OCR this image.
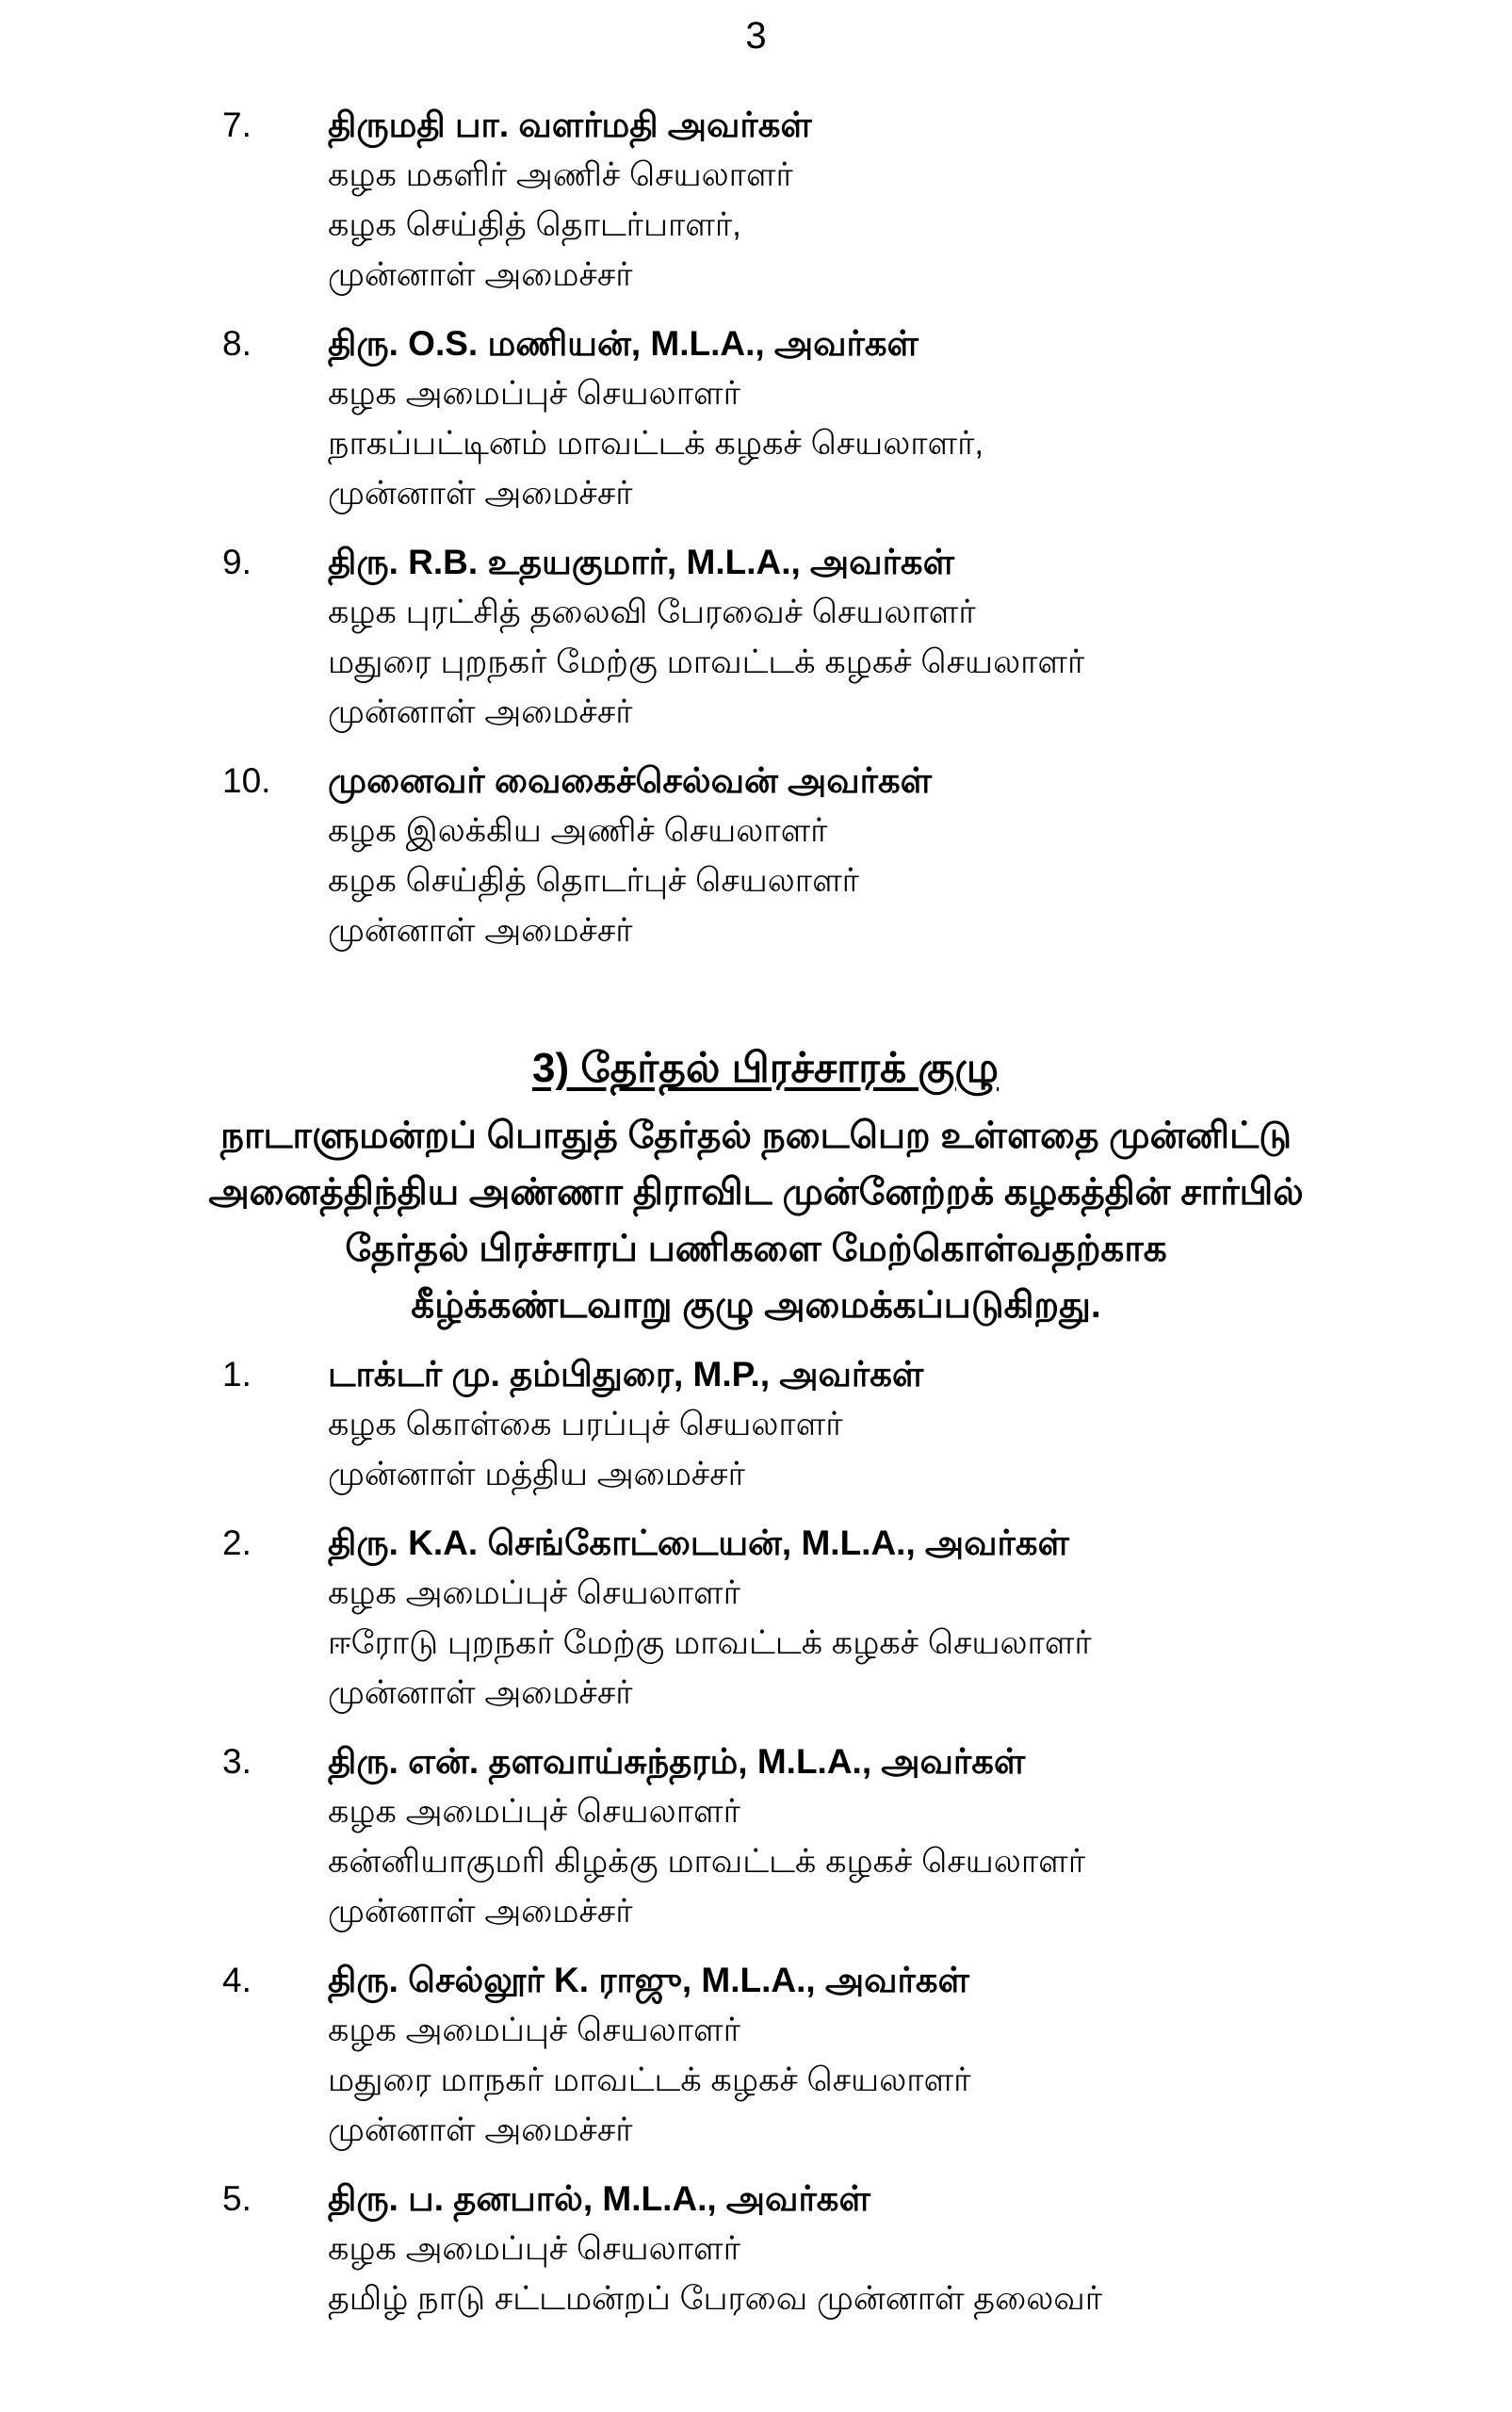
3
7. திருமதி பா. வளர்மதி அவர்கள்
கழக மகளிர் அணிச் செயலாளர்
கழக செய்தித் தொடர்பாளர்,
முன்னாள் அமைச்சர்
8. திரு. O.S. மணியன், M.L.A., அவர்கள்
கழக அமைப்புச் செயலாளர்
நாகப்பட்டினம் மாவட்டக் கழகச் செயலாளர்,
முன்னாள் அமைச்சர்
9. திரு. R.B. உதயகுமார், M.L.A., அவர்கள்
கழக புரட்சித் தலைவி பேரவைச் செயலாளர்
மதுரை புறநகர் மேற்கு மாவட்டக் கழகச் செயலாளர்
முன்னாள் அமைச்சர்
10. முனைவர் வைகைச்செல்வன் அவர்கள்
கழக இலக்கிய அணிச் செயலாளர்
கழக செய்தித் தொடர்புச் செயலாளர்
முன்னாள் அமைச்சர்
3) தேர்தல் பிரச்சாரக் குழு
நாடாளுமன்றப் பொதுத் தேர்தல் நடைபெற உள்ளதை முன்னிட்டு
அனைத்திந்திய அண்ணா திராவிட முன்னேற்றக் கழகத்தின் சார்பில்
தேர்தல் பிரச்சாரப் பணிகளை மேற்கொள்வதற்காக
கீழ்க்கண்டவாறு குழு அமைக்கப்படுகிறது.
1. டாக்டர் மு. தம்பிதுரை, M.P., அவர்கள்
கழக கொள்கை பரப்புச் செயலாளர்
முன்னாள் மத்திய அமைச்சர்
2. திரு. K.A. செங்கோட்டையன், M.L.A., அவர்கள்
கழக அமைப்புச் செயலாளர்
ஈரோடு புறநகர் மேற்கு மாவட்டக் கழகச் செயலாளர்
முன்னாள் அமைச்சர்
3. திரு. என். தளவாய்சுந்தரம், M.L.A., அவர்கள்
கழக அமைப்புச் செயலாளர்
கன்னியாகுமரி கிழக்கு மாவட்டக் கழகச் செயலாளர்
முன்னாள் அமைச்சர்
4. திரு. செல்லூர் K. ராஜு, M.L.A., அவர்கள்
கழக அமைப்புச் செயலாளர்
மதுரை மாநகர் மாவட்டக் கழகச் செயலாளர்
முன்னாள் அமைச்சர்
5. திரு. ப. தனபால், M.L.A., அவர்கள்
கழக அமைப்புச் செயலாளர்
தமிழ் நாடு சட்டமன்றப் பேரவை முன்னாள் தலைவர்
